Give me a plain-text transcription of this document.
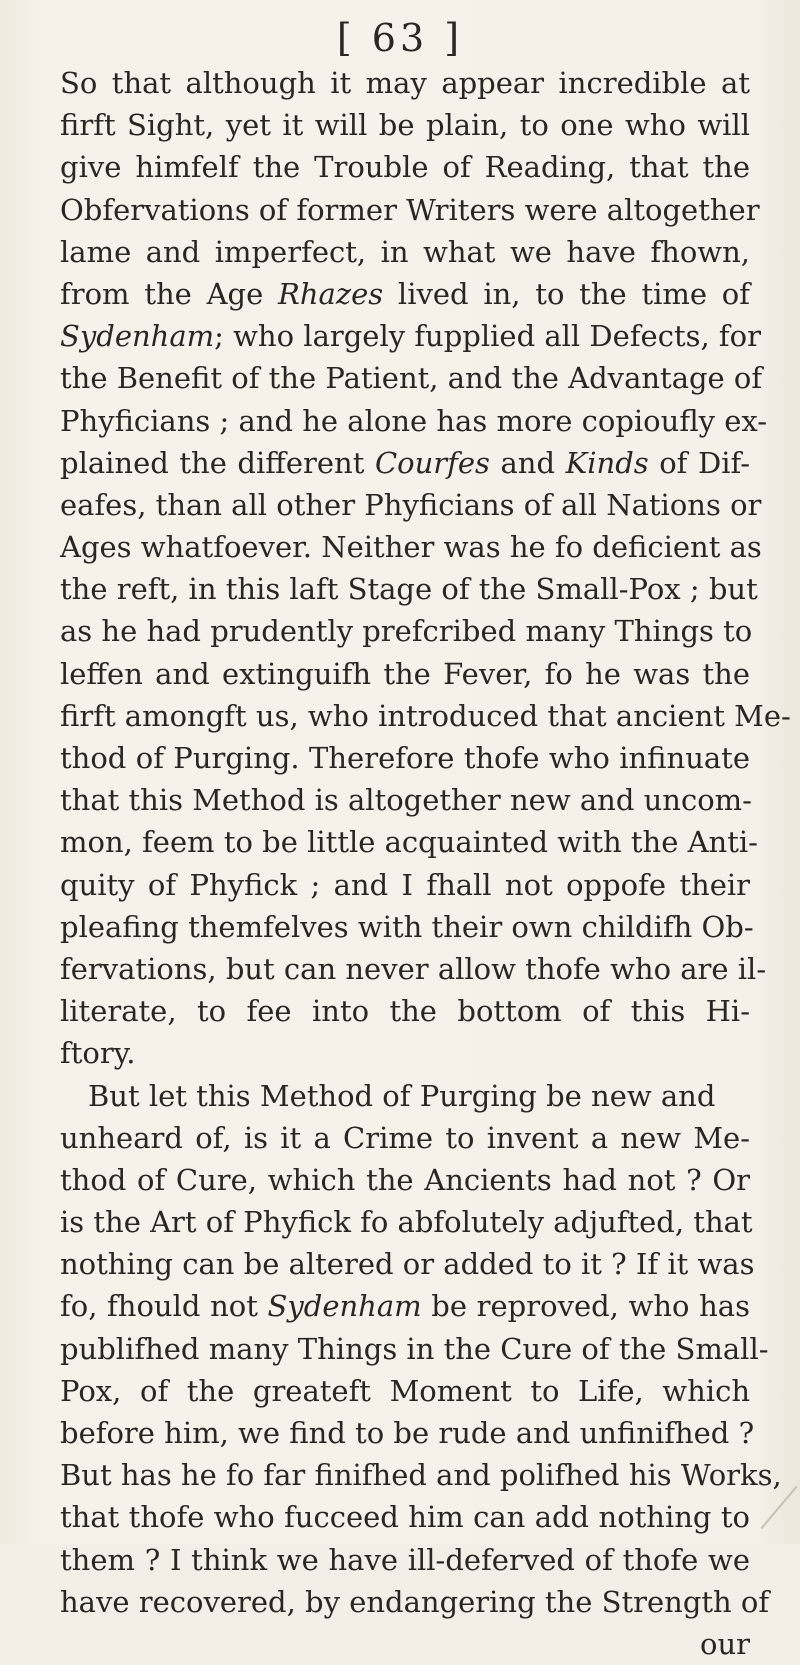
[ 63 ]
So that although it may appear incredible at
firft Sight, yet it will be plain, to one who will
give himfelf the Trouble of Reading, that the
Obfervations of former Writers were altogether
lame and imperfect, in what we have fhown,
from the Age Rhazes lived in, to the time of
Sydenham; who largely fupplied all Defects, for
the Benefit of the Patient, and the Advantage of
Phyficians ; and he alone has more copioufly ex-
plained the different Courfes and Kinds of Dif-
eafes, than all other Phyficians of all Nations or
Ages whatfoever. Neither was he fo deficient as
the reft, in this laft Stage of the Small-Pox ; but
as he had prudently prefcribed many Things to
leffen and extinguifh the Fever, fo he was the
firft amongft us, who introduced that ancient Me-
thod of Purging. Therefore thofe who infinuate
that this Method is altogether new and uncom-
mon, feem to be little acquainted with the Anti-
quity of Phyfick ; and I fhall not oppofe their
pleafing themfelves with their own childifh Ob-
fervations, but can never allow thofe who are il-
literate, to fee into the bottom of this Hi-
ftory.
But let this Method of Purging be new and
unheard of, is it a Crime to invent a new Me-
thod of Cure, which the Ancients had not ? Or
is the Art of Phyfick fo abfolutely adjufted, that
nothing can be altered or added to it ? If it was
fo, fhould not Sydenham be reproved, who has
publifhed many Things in the Cure of the Small-
Pox, of the greateft Moment to Life, which
before him, we find to be rude and unfinifhed ?
But has he fo far finifhed and polifhed his Works,
that thofe who fucceed him can add nothing to
them ? I think we have ill-deferved of thofe we
have recovered, by endangering the Strength of
our
